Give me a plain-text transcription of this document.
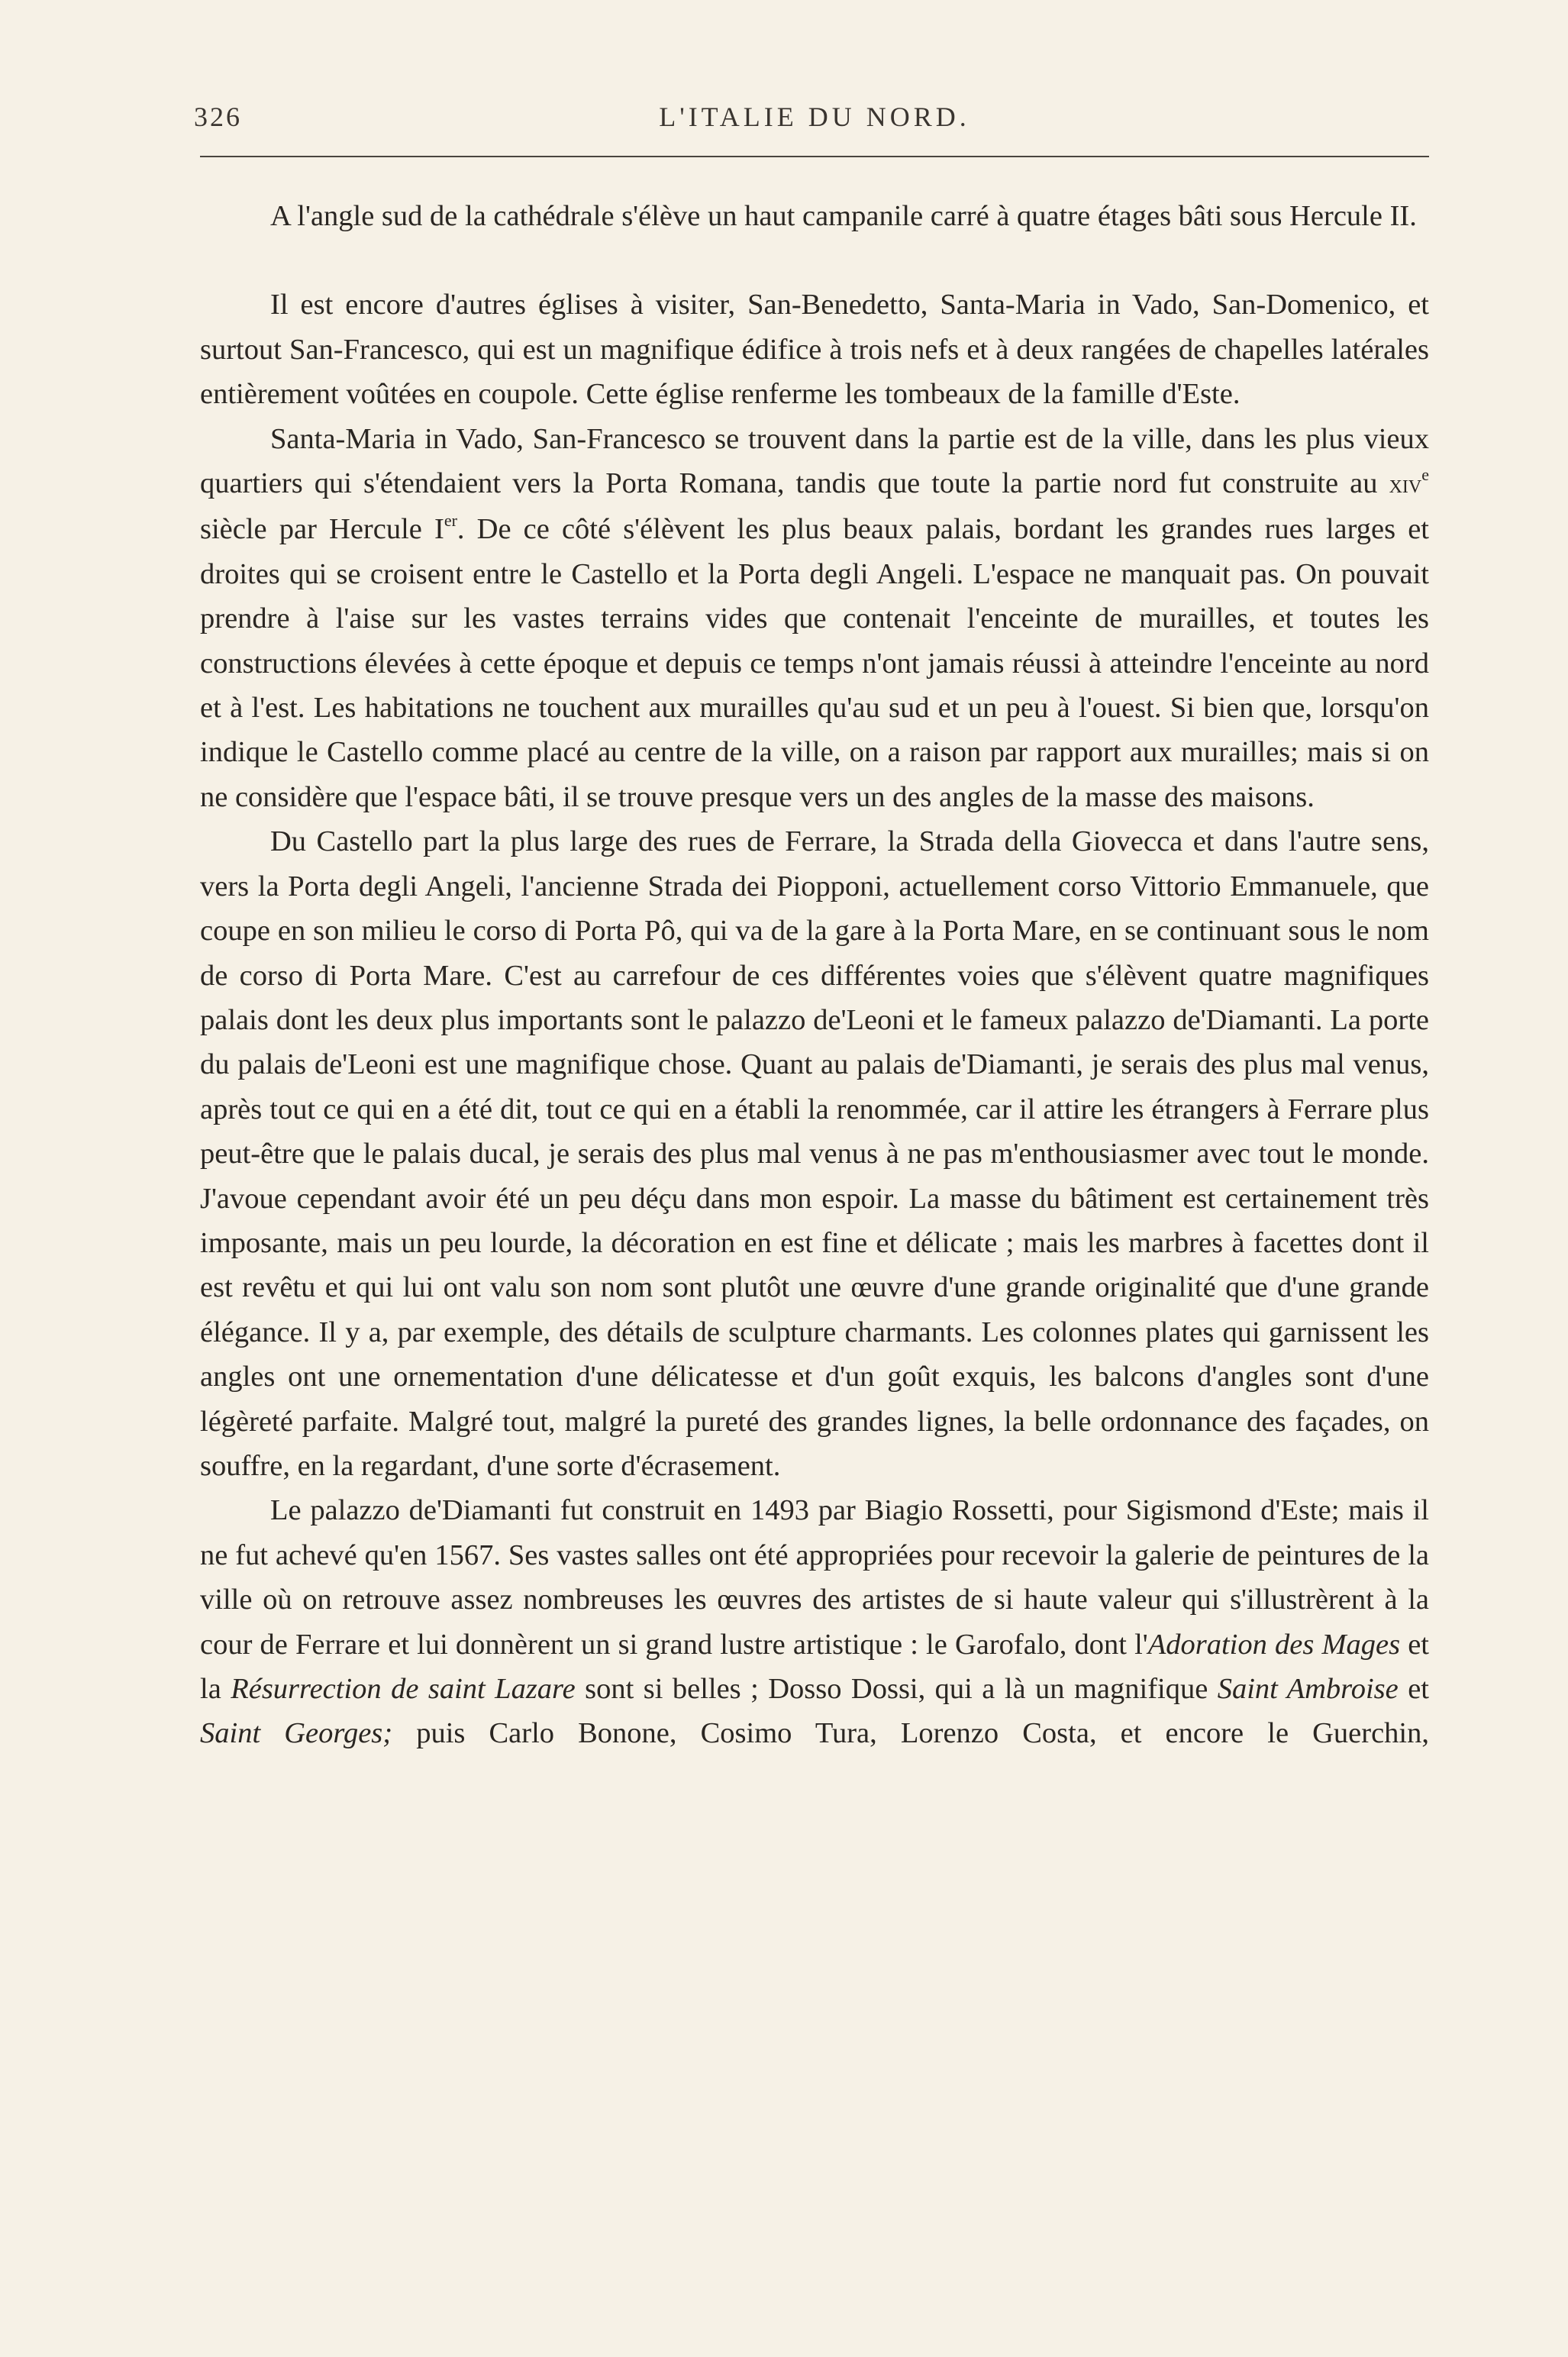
326	L'ITALIE DU NORD.

A l'angle sud de la cathédrale s'élève un haut campanile carré à quatre étages bâti sous Hercule II.

Il est encore d'autres églises à visiter, San-Benedetto, Santa-Maria in Vado, San-Domenico, et surtout San-Francesco, qui est un magnifique édifice à trois nefs et à deux rangées de chapelles latérales entièrement voûtées en coupole. Cette église renferme les tombeaux de la famille d'Este.

Santa-Maria in Vado, San-Francesco se trouvent dans la partie est de la ville, dans les plus vieux quartiers qui s'étendaient vers la Porta Romana, tandis que toute la partie nord fut construite au xiv$^e$ siècle par Hercule Ier. De ce côté s'élèvent les plus beaux palais, bordant les grandes rues larges et droites qui se croisent entre le Castello et la Porta degli Angeli. L'espace ne manquait pas. On pouvait prendre à l'aise sur les vastes terrains vides que contenait l'enceinte de murailles, et toutes les constructions élevées à cette époque et depuis ce temps n'ont jamais réussi à atteindre l'enceinte au nord et à l'est. Les habitations ne touchent aux murailles qu'au sud et un peu à l'ouest. Si bien que, lorsqu'on indique le Castello comme placé au centre de la ville, on a raison par rapport aux murailles; mais si on ne considère que l'espace bâti, il se trouve presque vers un des angles de la masse des maisons.

Du Castello part la plus large des rues de Ferrare, la Strada della Giovecca et dans l'autre sens, vers la Porta degli Angeli, l'ancienne Strada dei Piopponi, actuellement corso Vittorio Emmanuele, que coupe en son milieu le corso di Porta Pô, qui va de la gare à la Porta Mare, en se continuant sous le nom de corso di Porta Mare. C'est au carrefour de ces différentes voies que s'élèvent quatre magnifiques palais dont les deux plus importants sont le palazzo de'Leoni et le fameux palazzo de'Diamanti. La porte du palais de'Leoni est une magnifique chose. Quant au palais de'Diamanti, je serais des plus mal venus, après tout ce qui en a été dit, tout ce qui en a établi la renommée, car il attire les étrangers à Ferrare plus peut-être que le palais ducal, je serais des plus mal venus à ne pas m'enthousiasmer avec tout le monde. J'avoue cependant avoir été un peu déçu dans mon espoir. La masse du bâtiment est certainement très imposante, mais un peu lourde, la décoration en est fine et délicate ; mais les marbres à facettes dont il est revêtu et qui lui ont valu son nom sont plutôt une œuvre d'une grande originalité que d'une grande élégance. Il y a, par exemple, des détails de sculpture charmants. Les colonnes plates qui garnissent les angles ont une ornementation d'une délicatesse et d'un goût exquis, les balcons d'angles sont d'une légèreté parfaite. Malgré tout, malgré la pureté des grandes lignes, la belle ordonnance des façades, on souffre, en la regardant, d'une sorte d'écrasement.

Le palazzo de'Diamanti fut construit en 1493 par Biagio Rossetti, pour Sigismond d'Este; mais il ne fut achevé qu'en 1567. Ses vastes salles ont été appropriées pour recevoir la galerie de peintures de la ville où on retrouve assez nombreuses les œuvres des artistes de si haute valeur qui s'illustrèrent à la cour de Ferrare et lui donnèrent un si grand lustre artistique : le Garofalo, dont l'Adoration des Mages et la Résurrection de saint Lazare sont si belles ; Dosso Dossi, qui a là un magnifique Saint Ambroise et Saint Georges; puis Carlo Bonone, Cosimo Tura, Lorenzo Costa, et encore le Guerchin,
